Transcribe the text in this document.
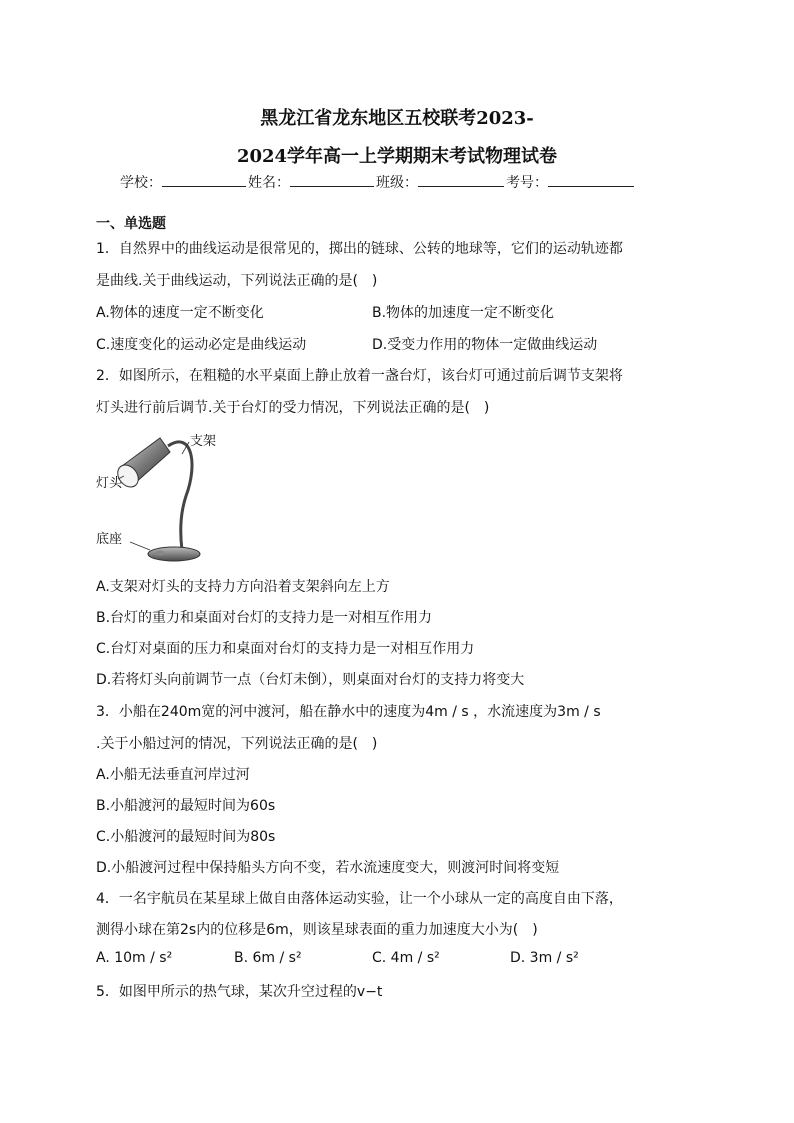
黑龙江省龙东地区五校联考2023-
2024学年高一上学期期末考试物理试卷
学校：	姓名：	班级：	考号：
一、单选题
1．自然界中的曲线运动是很常见的，掷出的链球、公转的地球等，它们的运动轨迹都
是曲线.关于曲线运动，下列说法正确的是(　)
A.物体的速度一定不断变化	B.物体的加速度一定不断变化
C.速度变化的运动必定是曲线运动	D.受变力作用的物体一定做曲线运动
2．如图所示，在粗糙的水平桌面上静止放着一盏台灯，该台灯可通过前后调节支架将
灯头进行前后调节.关于台灯的受力情况，下列说法正确的是(　)
支架
灯头
底座
A.支架对灯头的支持力方向沿着支架斜向左上方
B.台灯的重力和桌面对台灯的支持力是一对相互作用力
C.台灯对桌面的压力和桌面对台灯的支持力是一对相互作用力
D.若将灯头向前调节一点（台灯未倒），则桌面对台灯的支持力将变大
3．小船在240m宽的河中渡河，船在静水中的速度为4m / s ，水流速度为3m / s
.关于小船过河的情况，下列说法正确的是(　)
A.小船无法垂直河岸过河
B.小船渡河的最短时间为60s
C.小船渡河的最短时间为80s
D.小船渡河过程中保持船头方向不变，若水流速度变大，则渡河时间将变短
4．一名宇航员在某星球上做自由落体运动实验，让一个小球从一定的高度自由下落，
测得小球在第2s内的位移是6m，则该星球表面的重力加速度大小为(　)
A. 10m / s²	B. 6m / s²	C. 4m / s²	D. 3m / s²
5．如图甲所示的热气球，某次升空过程的v−t
